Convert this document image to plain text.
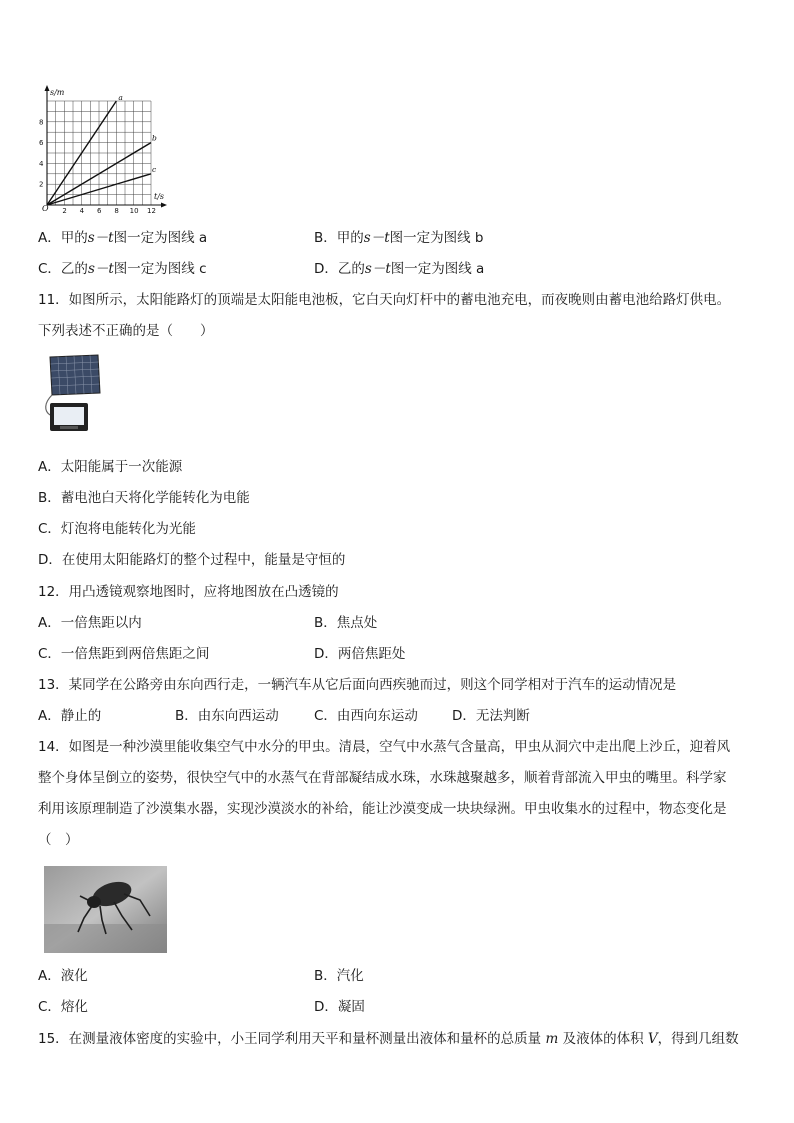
s/m
t/s
O
a
b
c
2
4
6
8
2 4 6 8 10 12
A．甲的s－t图一定为图线 a	B．甲的s－t图一定为图线 b
C．乙的s－t图一定为图线 c	D．乙的s－t图一定为图线 a
11．如图所示，太阳能路灯的顶端是太阳能电池板，它白天向灯杆中的蓄电池充电，而夜晚则由蓄电池给路灯供电。
下列表述不正确的是（　　）
A．太阳能属于一次能源
B．蓄电池白天将化学能转化为电能
C．灯泡将电能转化为光能
D．在使用太阳能路灯的整个过程中，能量是守恒的
12．用凸透镜观察地图时，应将地图放在凸透镜的
A．一倍焦距以内	B．焦点处
C．一倍焦距到两倍焦距之间	D．两倍焦距处
13．某同学在公路旁由东向西行走，一辆汽车从它后面向西疾驰而过，则这个同学相对于汽车的运动情况是
A．静止的	B．由东向西运动	C．由西向东运动	D．无法判断
14．如图是一种沙漠里能收集空气中水分的甲虫。清晨，空气中水蒸气含量高，甲虫从洞穴中走出爬上沙丘，迎着风
整个身体呈倒立的姿势，很快空气中的水蒸气在背部凝结成水珠，水珠越聚越多，顺着背部流入甲虫的嘴里。科学家
利用该原理制造了沙漠集水器，实现沙漠淡水的补给，能让沙漠变成一块块绿洲。甲虫收集水的过程中，物态变化是
（　）
A．液化	B．汽化
C．熔化	D．凝固
15．在测量液体密度的实验中，小王同学利用天平和量杯测量出液体和量杯的总质量 m 及液体的体积 V，得到几组数
